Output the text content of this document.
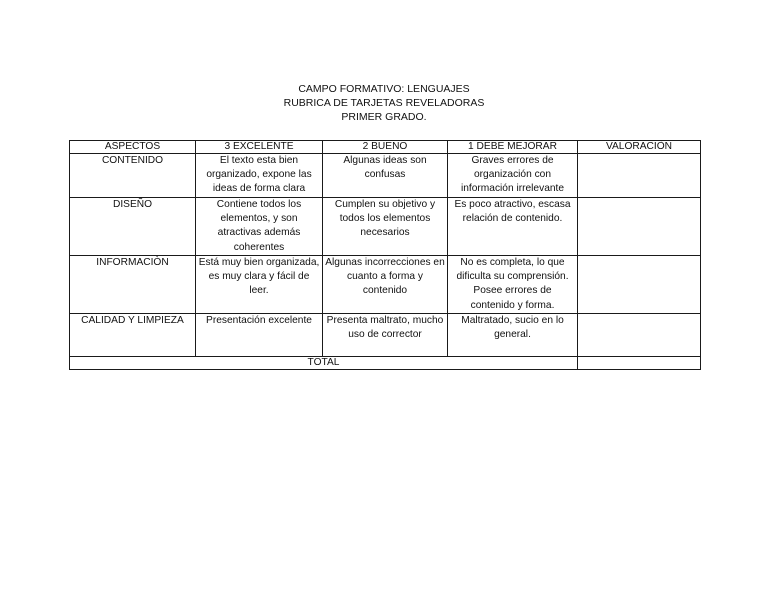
CAMPO FORMATIVO: LENGUAJES
RUBRICA DE TARJETAS REVELADORAS
PRIMER GRADO.
ASPECTOS	3 EXCELENTE	2 BUENO	1 DEBE MEJORAR	VALORACIÒN
CONTENIDO	El texto esta bien organizado, expone las ideas de forma clara	Algunas ideas son confusas	Graves errores de organización con información irrelevante	
DISEÑO	Contiene todos los elementos, y son atractivas además coherentes	Cumplen su objetivo y todos los elementos necesarios	Es poco atractivo, escasa relación de contenido.	
INFORMACIÒN	Está muy bien organizada, es muy clara y fácil de leer.	Algunas incorrecciones en cuanto a forma y contenido	No es completa, lo que dificulta su comprensión. Posee errores de contenido y forma.	
CALIDAD Y LIMPIEZA	Presentación excelente	Presenta maltrato, mucho uso de corrector	Maltratado, sucio en lo general.	
TOTAL				
